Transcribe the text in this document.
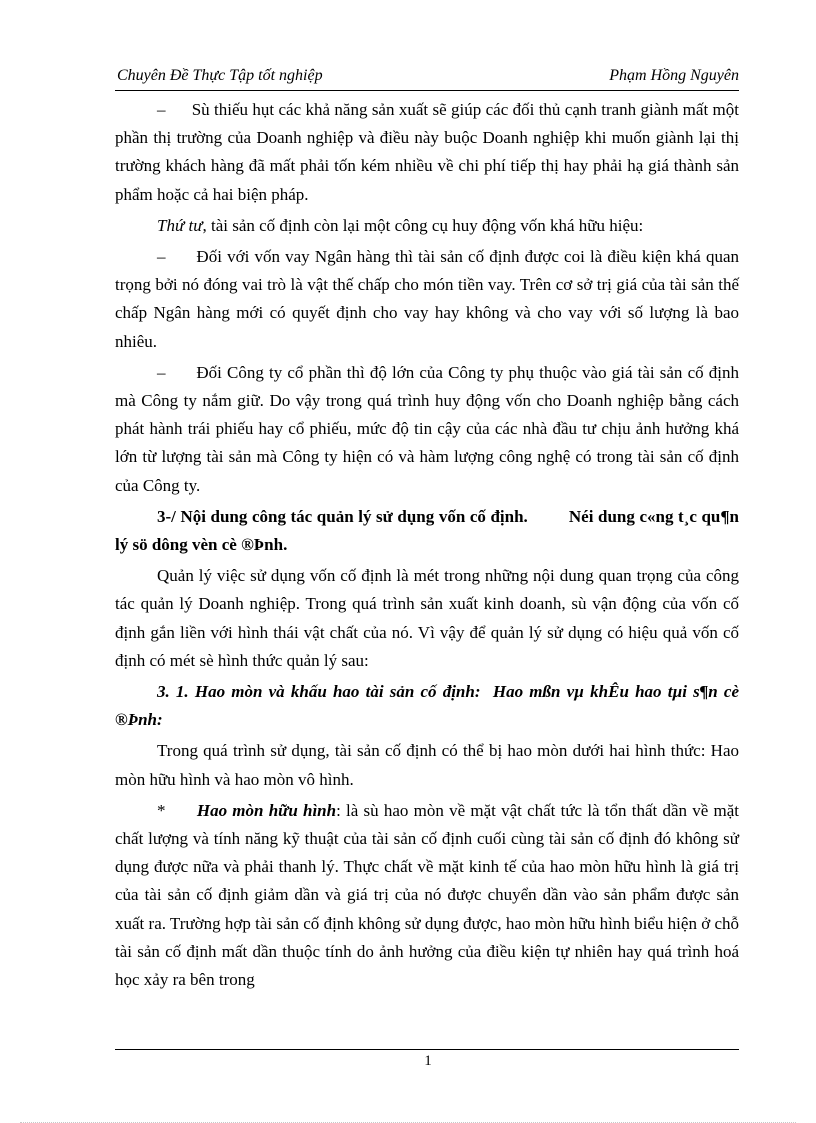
Chuyên Đề Thực Tập tốt nghiệp	Phạm Hồng Nguyên

–      Sù thiếu hụt các khả năng sản xuất sẽ giúp các đối thủ cạnh tranh giành mất một phần thị trường của Doanh nghiệp và điều này buộc Doanh nghiệp khi muốn giành lại thị trường khách hàng đã mất phải tốn kém nhiều về chi phí tiếp thị hay phải hạ giá thành sản phẩm hoặc cả hai biện pháp.

Thứ tư, tài sản cố định còn lại một công cụ huy động vốn khá hữu hiệu:

–      Đối với vốn vay Ngân hàng thì tài sản cố định được coi là điều kiện khá quan trọng bởi nó đóng vai trò là vật thế chấp cho món tiền vay. Trên cơ sở trị giá của tài sản thế chấp Ngân hàng mới có quyết định cho vay hay không và cho vay với số lượng là bao nhiêu.

–      Đối Công ty cổ phần thì độ lớn của Công ty phụ thuộc vào giá tài sản cố định mà Công ty nắm giữ. Do vậy trong quá trình huy động vốn cho Doanh nghiệp bằng cách phát hành trái phiếu hay cổ phiếu, mức độ tin cậy của các nhà đầu tư chịu ảnh hưởng khá lớn từ lượng tài sản mà Công ty hiện có và hàm lượng công nghệ có trong tài sản cố định của Công ty.

3-/ Nội dung công tác quản lý sử dụng vốn cố định.         Néi dung c«ng t¸c qu¶n lý sö dông vèn cè ®Þnh.

Quản lý việc sử dụng vốn cố định là mét trong những nội dung quan trọng của công tác quản lý Doanh nghiệp. Trong quá trình sản xuất kinh doanh, sù vận động của vốn cố định gắn liền với hình thái vật chất của nó. Vì vậy để quản lý sử dụng có hiệu quả vốn cố định có mét sè hình thức quản lý sau:

3. 1. Hao mòn và khấu hao tài sản cố định:  Hao mßn vµ khÊu hao tµi s¶n cè ®Þnh:

Trong quá trình sử dụng, tài sản cố định có thể bị hao mòn dưới hai hình thức: Hao mòn hữu hình và hao mòn vô hình.

*      Hao mòn hữu hình: là sù hao mòn về mặt vật chất tức là tổn thất dần về mặt chất lượng và tính năng kỹ thuật của tài sản cố định cuối cùng tài sản cố định đó không sử dụng được nữa và phải thanh lý. Thực chất về mặt kinh tế của hao mòn hữu hình là giá trị của tài sản cố định giảm dần và giá trị của nó được chuyển dần vào sản phẩm được sản xuất ra. Trường hợp tài sản cố định không sử dụng được, hao mòn hữu hình biểu hiện ở chỗ tài sản cố định mất dần thuộc tính do ảnh hưởng của điều kiện tự nhiên hay quá trình hoá học xảy ra bên trong

1
